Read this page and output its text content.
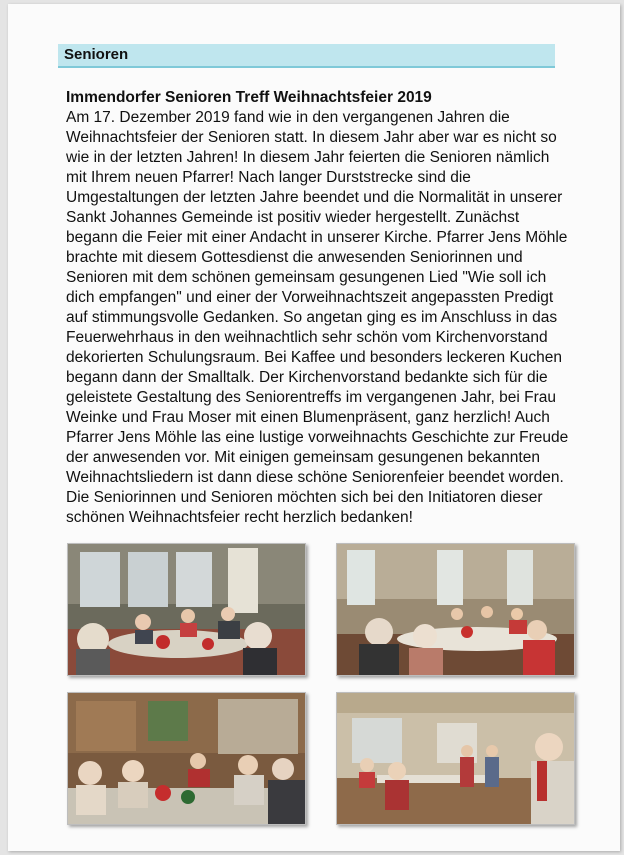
Senioren
Immendorfer Senioren Treff Weihnachtsfeier 2019

Am 17. Dezember 2019 fand wie in den vergangenen Jahren die
Weihnachtsfeier der Senioren statt. In diesem Jahr aber war es nicht so
wie in der letzten Jahren! In diesem Jahr feierten die Senioren nämlich
mit Ihrem neuen Pfarrer! Nach langer Durststrecke sind die
Umgestaltungen der letzten Jahre beendet und die Normalität in unserer
Sankt Johannes Gemeinde ist positiv wieder hergestellt. Zunächst
begann die Feier mit einer Andacht in unserer Kirche. Pfarrer Jens Möhle
brachte mit diesem Gottesdienst die anwesenden Seniorinnen und
Senioren mit dem schönen gemeinsam gesungenen Lied "Wie soll ich
dich empfangen" und einer der Vorweihnachtszeit angepassten Predigt
auf stimmungsvolle Gedanken. So angetan ging es im Anschluss in das
Feuerwehrhaus in den weihnachtlich sehr schön vom Kirchenvorstand
dekorierten Schulungsraum. Bei Kaffee und besonders leckeren Kuchen
begann dann der Smalltalk. Der Kirchenvorstand bedankte sich für die
geleistete Gestaltung des Seniorentreffs im vergangenen Jahr, bei Frau
Weinke und Frau Moser mit einen Blumenpräsent, ganz herzlich! Auch
Pfarrer Jens Möhle las eine lustige vorweihnachts Geschichte zur Freude
der anwesenden vor. Mit einigen gemeinsam gesungenen bekannten
Weihnachtsliedern ist dann diese schöne Seniorenfeier beendet worden.
Die Seniorinnen und Senioren möchten sich bei den Initiatoren dieser
schönen Weihnachtsfeier recht herzlich bedanken!
